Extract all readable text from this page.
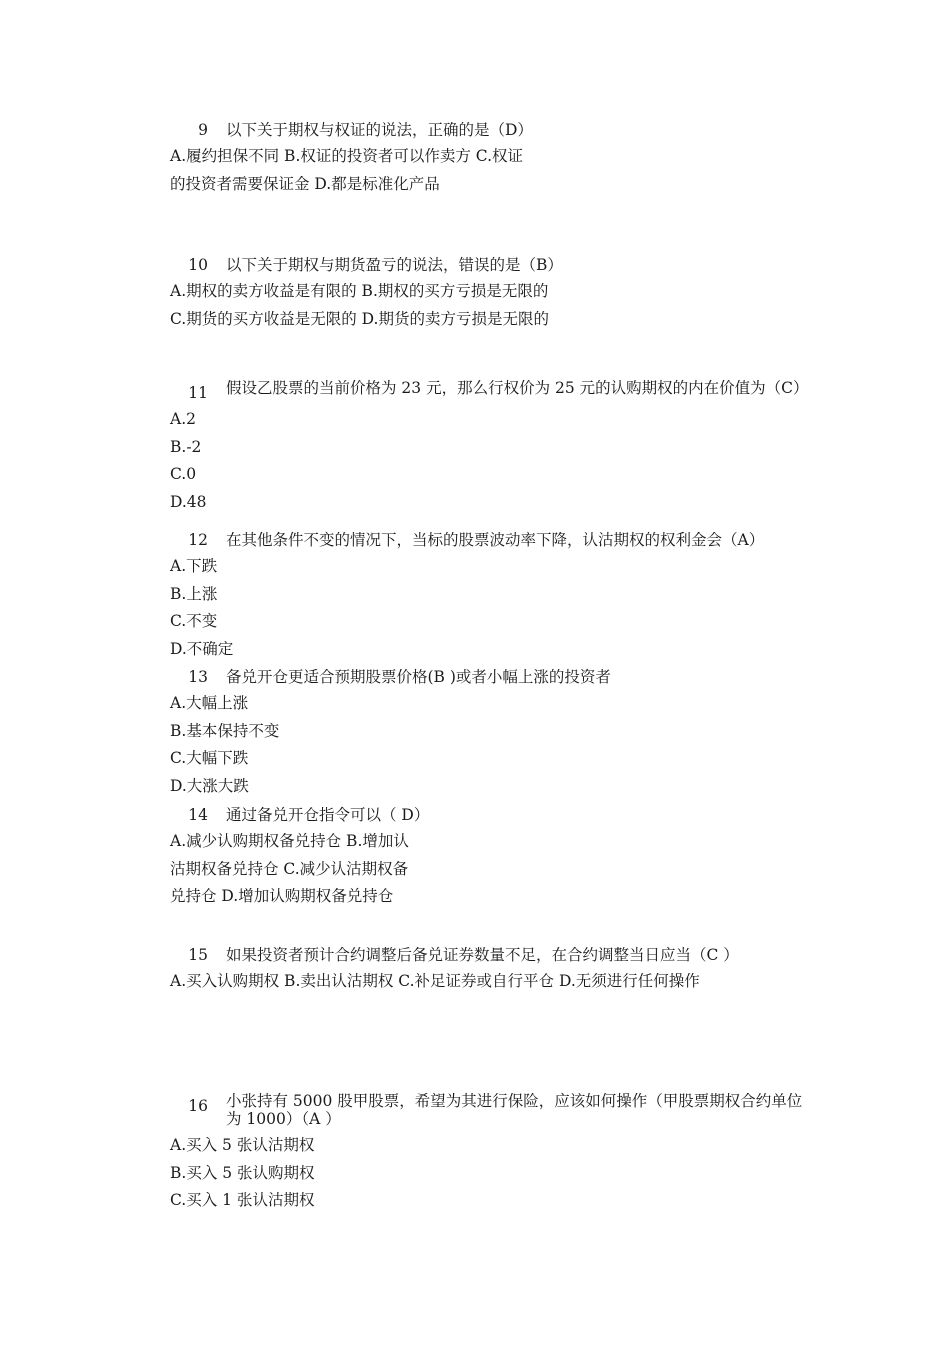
9	以下关于期权与权证的说法，正确的是（D）
A.履约担保不同 B.权证的投资者可以作卖方 C.权证
的投资者需要保证金 D.都是标准化产品
10	以下关于期权与期货盈亏的说法，错误的是（B）
A.期权的卖方收益是有限的 B.期权的买方亏损是无限的
C.期货的买方收益是无限的 D.期货的卖方亏损是无限的
11	假设乙股票的当前价格为 23 元，那么行权价为 25 元的认购期权的内在价值为（C）
A.2
B.-2
C.0
D.48
12	在其他条件不变的情况下，当标的股票波动率下降，认沽期权的权利金会（A）
A.下跌
B.上涨
C.不变
D.不确定
13	备兑开仓更适合预期股票价格(B )或者小幅上涨的投资者
A.大幅上涨
B.基本保持不变
C.大幅下跌
D.大涨大跌
14	通过备兑开仓指令可以（ D）
A.减少认购期权备兑持仓 B.增加认
沽期权备兑持仓 C.减少认沽期权备
兑持仓 D.增加认购期权备兑持仓
15	如果投资者预计合约调整后备兑证券数量不足，在合约调整当日应当（C ）
A.买入认购期权 B.卖出认沽期权 C.补足证券或自行平仓 D.无须进行任何操作
16	小张持有 5000 股甲股票，希望为其进行保险，应该如何操作（甲股票期权合约单位为 1000）（A ）
A.买入 5 张认沽期权
B.买入 5 张认购期权
C.买入 1 张认沽期权
